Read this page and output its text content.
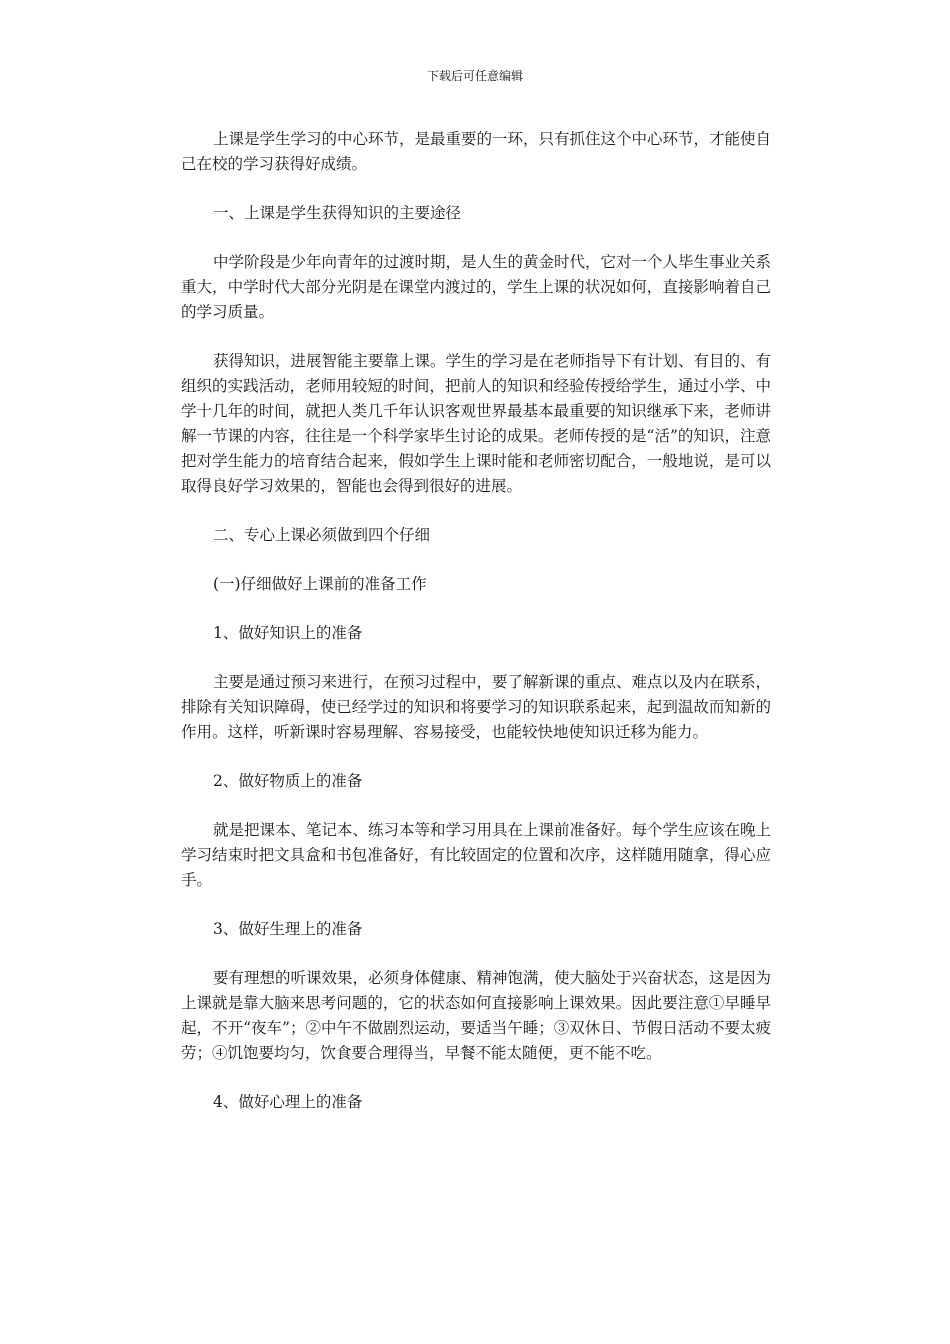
下载后可任意编辑

上课是学生学习的中心环节，是最重要的一环，只有抓住这个中心环节，才能使自己在校的学习获得好成绩。

一、上课是学生获得知识的主要途径

中学阶段是少年向青年的过渡时期，是人生的黄金时代，它对一个人毕生事业关系重大，中学时代大部分光阴是在课堂内渡过的，学生上课的状况如何，直接影响着自己的学习质量。

获得知识，进展智能主要靠上课。学生的学习是在老师指导下有计划、有目的、有组织的实践活动，老师用较短的时间，把前人的知识和经验传授给学生，通过小学、中学十几年的时间，就把人类几千年认识客观世界最基本最重要的知识继承下来，老师讲解一节课的内容，往往是一个科学家毕生讨论的成果。老师传授的是“活”的知识，注意把对学生能力的培育结合起来，假如学生上课时能和老师密切配合，一般地说，是可以取得良好学习效果的，智能也会得到很好的进展。

二、专心上课必须做到四个仔细

(一)仔细做好上课前的准备工作

1、做好知识上的准备

主要是通过预习来进行，在预习过程中，要了解新课的重点、难点以及内在联系，排除有关知识障碍，使已经学过的知识和将要学习的知识联系起来，起到温故而知新的作用。这样，听新课时容易理解、容易接受，也能较快地使知识迁移为能力。

2、做好物质上的准备

就是把课本、笔记本、练习本等和学习用具在上课前准备好。每个学生应该在晚上学习结束时把文具盒和书包准备好，有比较固定的位置和次序，这样随用随拿，得心应手。

3、做好生理上的准备

要有理想的听课效果，必须身体健康、精神饱满，使大脑处于兴奋状态，这是因为上课就是靠大脑来思考问题的，它的状态如何直接影响上课效果。因此要注意①早睡早起，不开“夜车”；②中午不做剧烈运动，要适当午睡；③双休日、节假日活动不要太疲劳；④饥饱要均匀，饮食要合理得当，早餐不能太随便，更不能不吃。

4、做好心理上的准备
